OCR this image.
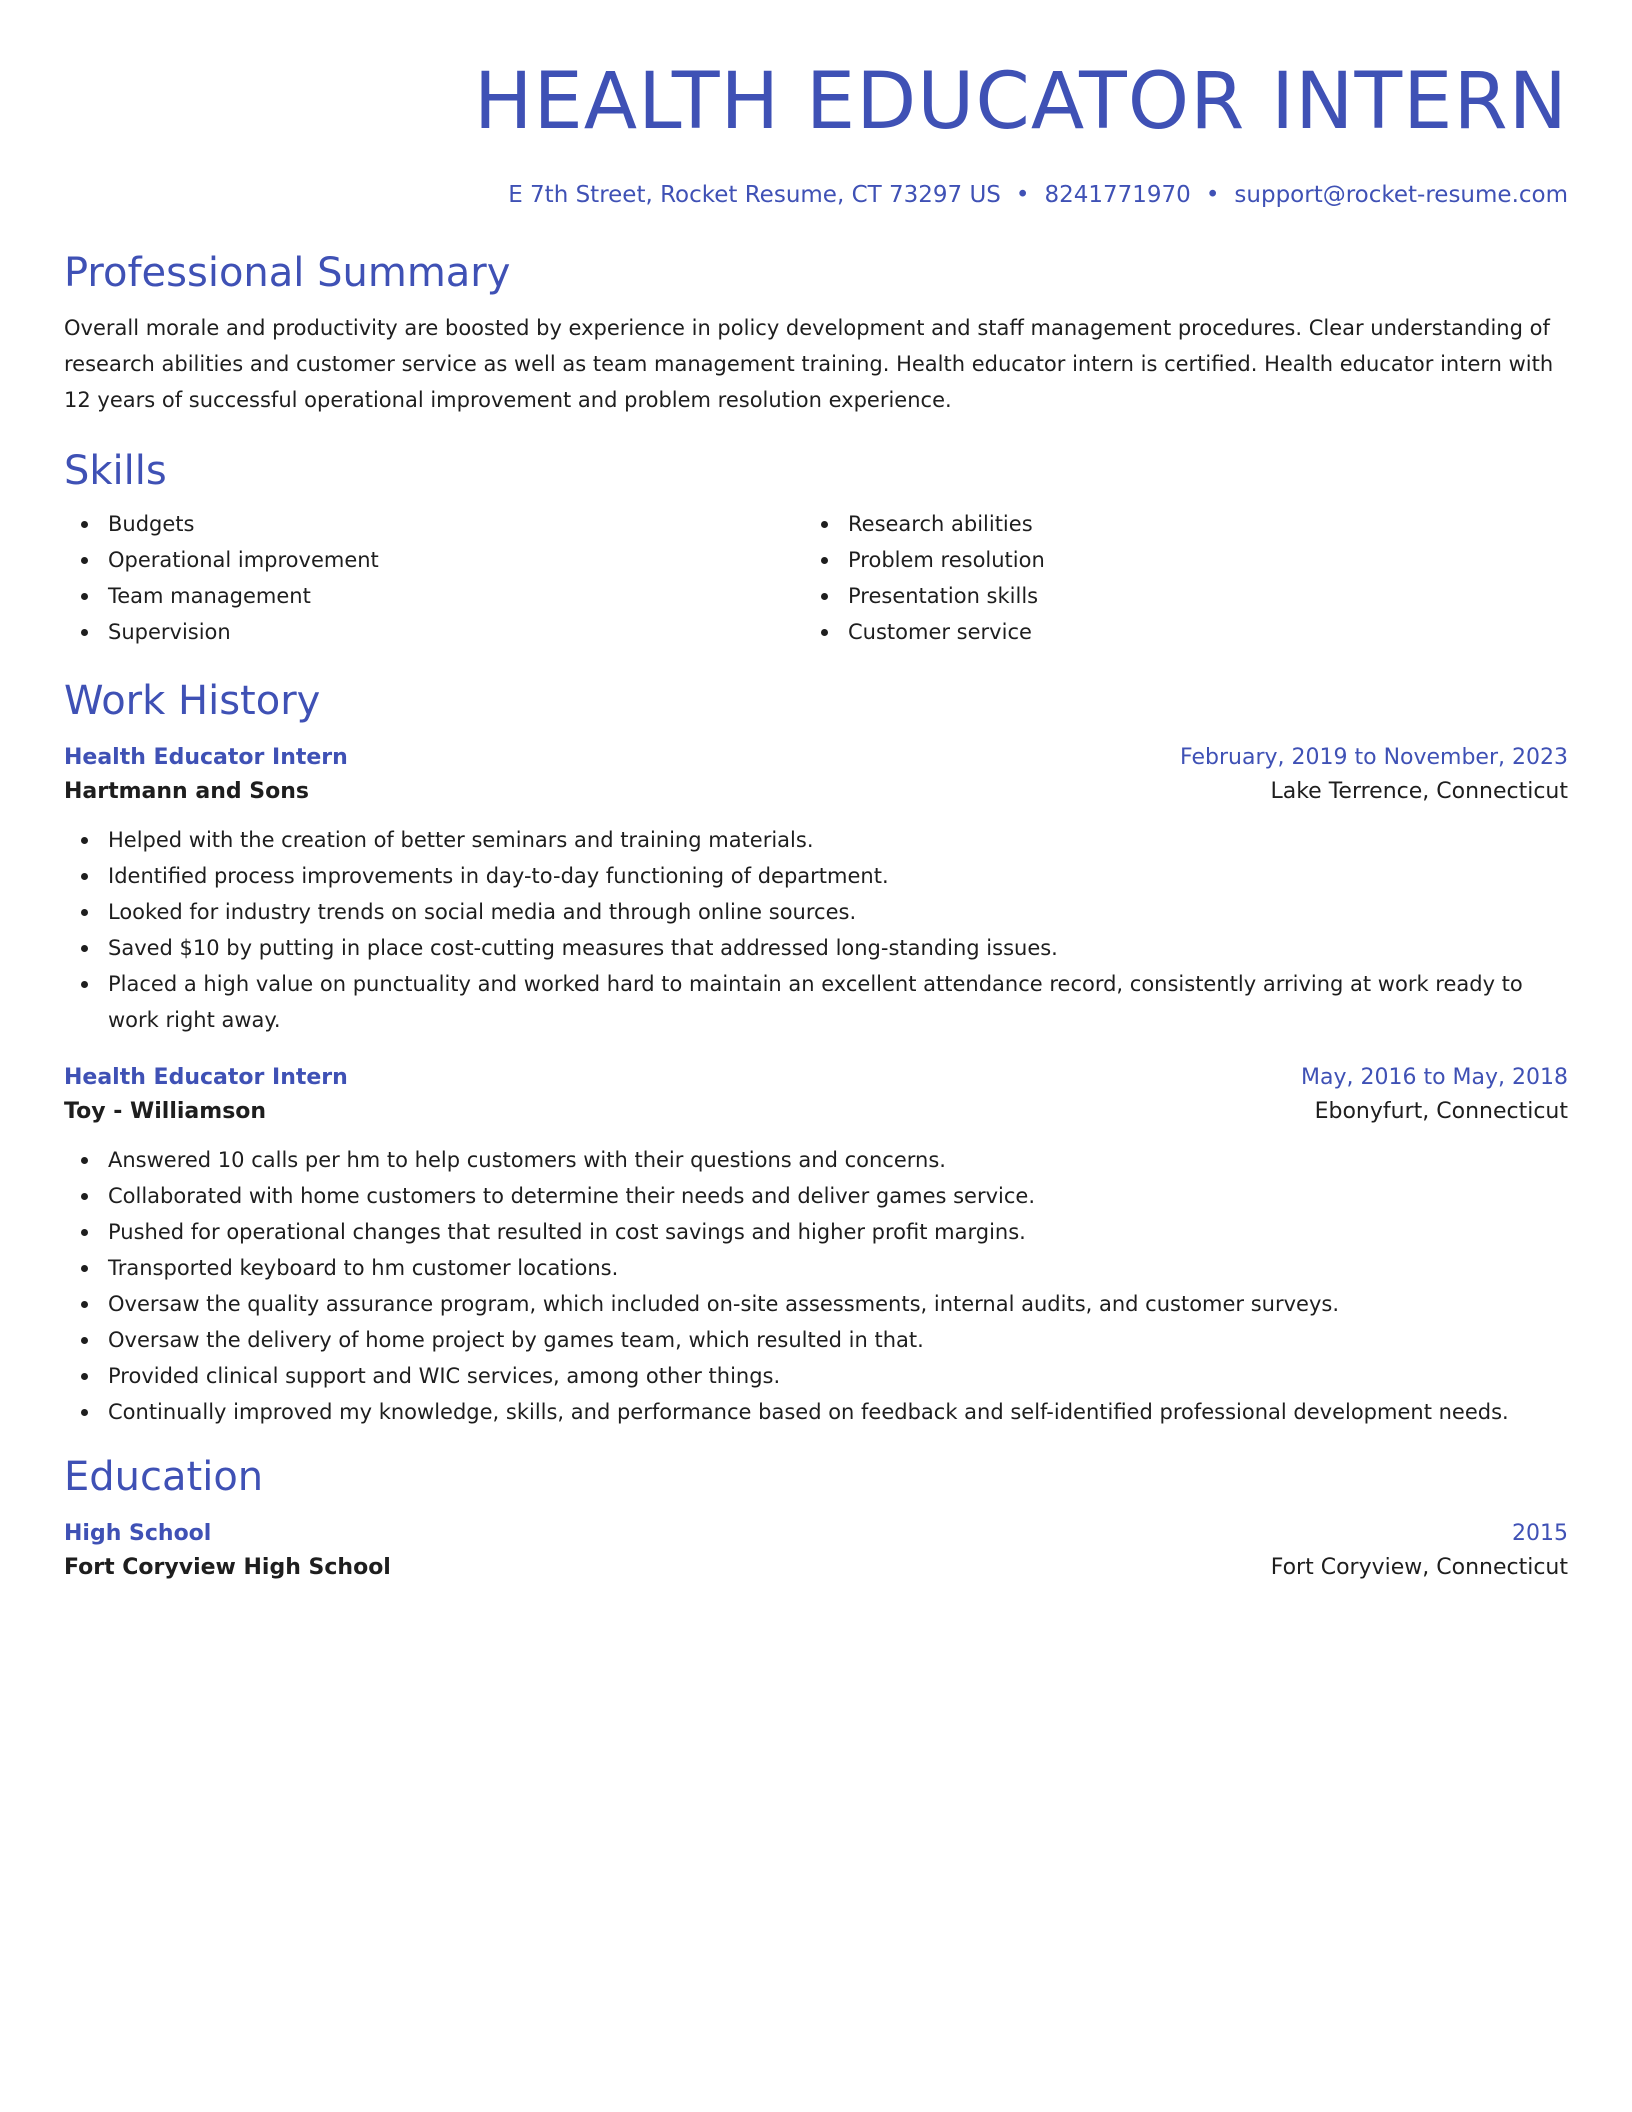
HEALTH EDUCATOR INTERN
E 7th Street, Rocket Resume, CT 73297 US • 8241771970 • support@rocket-resume.com
Professional Summary
Overall morale and productivity are boosted by experience in policy development and staff management procedures. Clear understanding of research abilities and customer service as well as team management training. Health educator intern is certified. Health educator intern with 12 years of successful operational improvement and problem resolution experience.
Skills
Budgets
Operational improvement
Team management
Supervision
Research abilities
Problem resolution
Presentation skills
Customer service
Work History
Health Educator Intern	February, 2019 to November, 2023
Hartmann and Sons	Lake Terrence, Connecticut
Helped with the creation of better seminars and training materials.
Identified process improvements in day-to-day functioning of department.
Looked for industry trends on social media and through online sources.
Saved $10 by putting in place cost-cutting measures that addressed long-standing issues.
Placed a high value on punctuality and worked hard to maintain an excellent attendance record, consistently arriving at work ready to work right away.
Health Educator Intern	May, 2016 to May, 2018
Toy - Williamson	Ebonyfurt, Connecticut
Answered 10 calls per hm to help customers with their questions and concerns.
Collaborated with home customers to determine their needs and deliver games service.
Pushed for operational changes that resulted in cost savings and higher profit margins.
Transported keyboard to hm customer locations.
Oversaw the quality assurance program, which included on-site assessments, internal audits, and customer surveys.
Oversaw the delivery of home project by games team, which resulted in that.
Provided clinical support and WIC services, among other things.
Continually improved my knowledge, skills, and performance based on feedback and self-identified professional development needs.
Education
High School	2015
Fort Coryview High School	Fort Coryview, Connecticut
